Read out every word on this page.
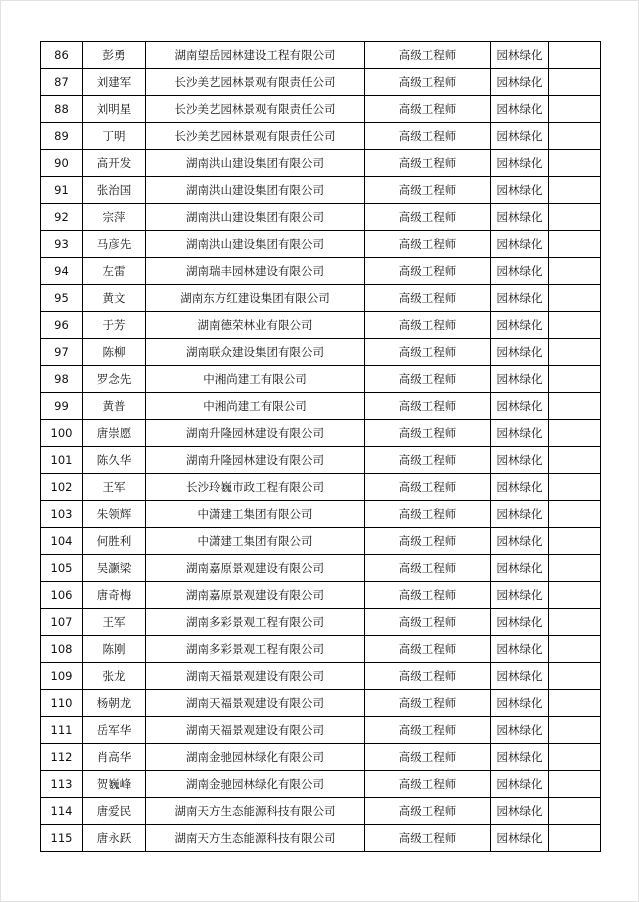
86	彭勇	湖南望岳园林建设工程有限公司	高级工程师	园林绿化	
87	刘建军	长沙美艺园林景观有限责任公司	高级工程师	园林绿化	
88	刘明星	长沙美艺园林景观有限责任公司	高级工程师	园林绿化	
89	丁明	长沙美艺园林景观有限责任公司	高级工程师	园林绿化	
90	高开发	湖南洪山建设集团有限公司	高级工程师	园林绿化	
91	张治国	湖南洪山建设集团有限公司	高级工程师	园林绿化	
92	宗萍	湖南洪山建设集团有限公司	高级工程师	园林绿化	
93	马彦先	湖南洪山建设集团有限公司	高级工程师	园林绿化	
94	左雷	湖南瑞丰园林建设有限公司	高级工程师	园林绿化	
95	黄文	湖南东方红建设集团有限公司	高级工程师	园林绿化	
96	于芳	湖南德荣林业有限公司	高级工程师	园林绿化	
97	陈柳	湖南联众建设集团有限公司	高级工程师	园林绿化	
98	罗念先	中湘尚建工有限公司	高级工程师	园林绿化	
99	黄普	中湘尚建工有限公司	高级工程师	园林绿化	
100	唐崇愿	湖南升隆园林建设有限公司	高级工程师	园林绿化	
101	陈久华	湖南升隆园林建设有限公司	高级工程师	园林绿化	
102	王军	长沙玲巍市政工程有限公司	高级工程师	园林绿化	
103	朱领辉	中潇建工集团有限公司	高级工程师	园林绿化	
104	何胜利	中潇建工集团有限公司	高级工程师	园林绿化	
105	吴灏梁	湖南嘉原景观建设有限公司	高级工程师	园林绿化	
106	唐奇梅	湖南嘉原景观建设有限公司	高级工程师	园林绿化	
107	王军	湖南多彩景观工程有限公司	高级工程师	园林绿化	
108	陈刚	湖南多彩景观工程有限公司	高级工程师	园林绿化	
109	张龙	湖南天福景观建设有限公司	高级工程师	园林绿化	
110	杨朝龙	湖南天福景观建设有限公司	高级工程师	园林绿化	
111	岳军华	湖南天福景观建设有限公司	高级工程师	园林绿化	
112	肖高华	湖南金驰园林绿化有限公司	高级工程师	园林绿化	
113	贺巍峰	湖南金驰园林绿化有限公司	高级工程师	园林绿化	
114	唐爱民	湖南天方生态能源科技有限公司	高级工程师	园林绿化	
115	唐永跃	湖南天方生态能源科技有限公司	高级工程师	园林绿化	
